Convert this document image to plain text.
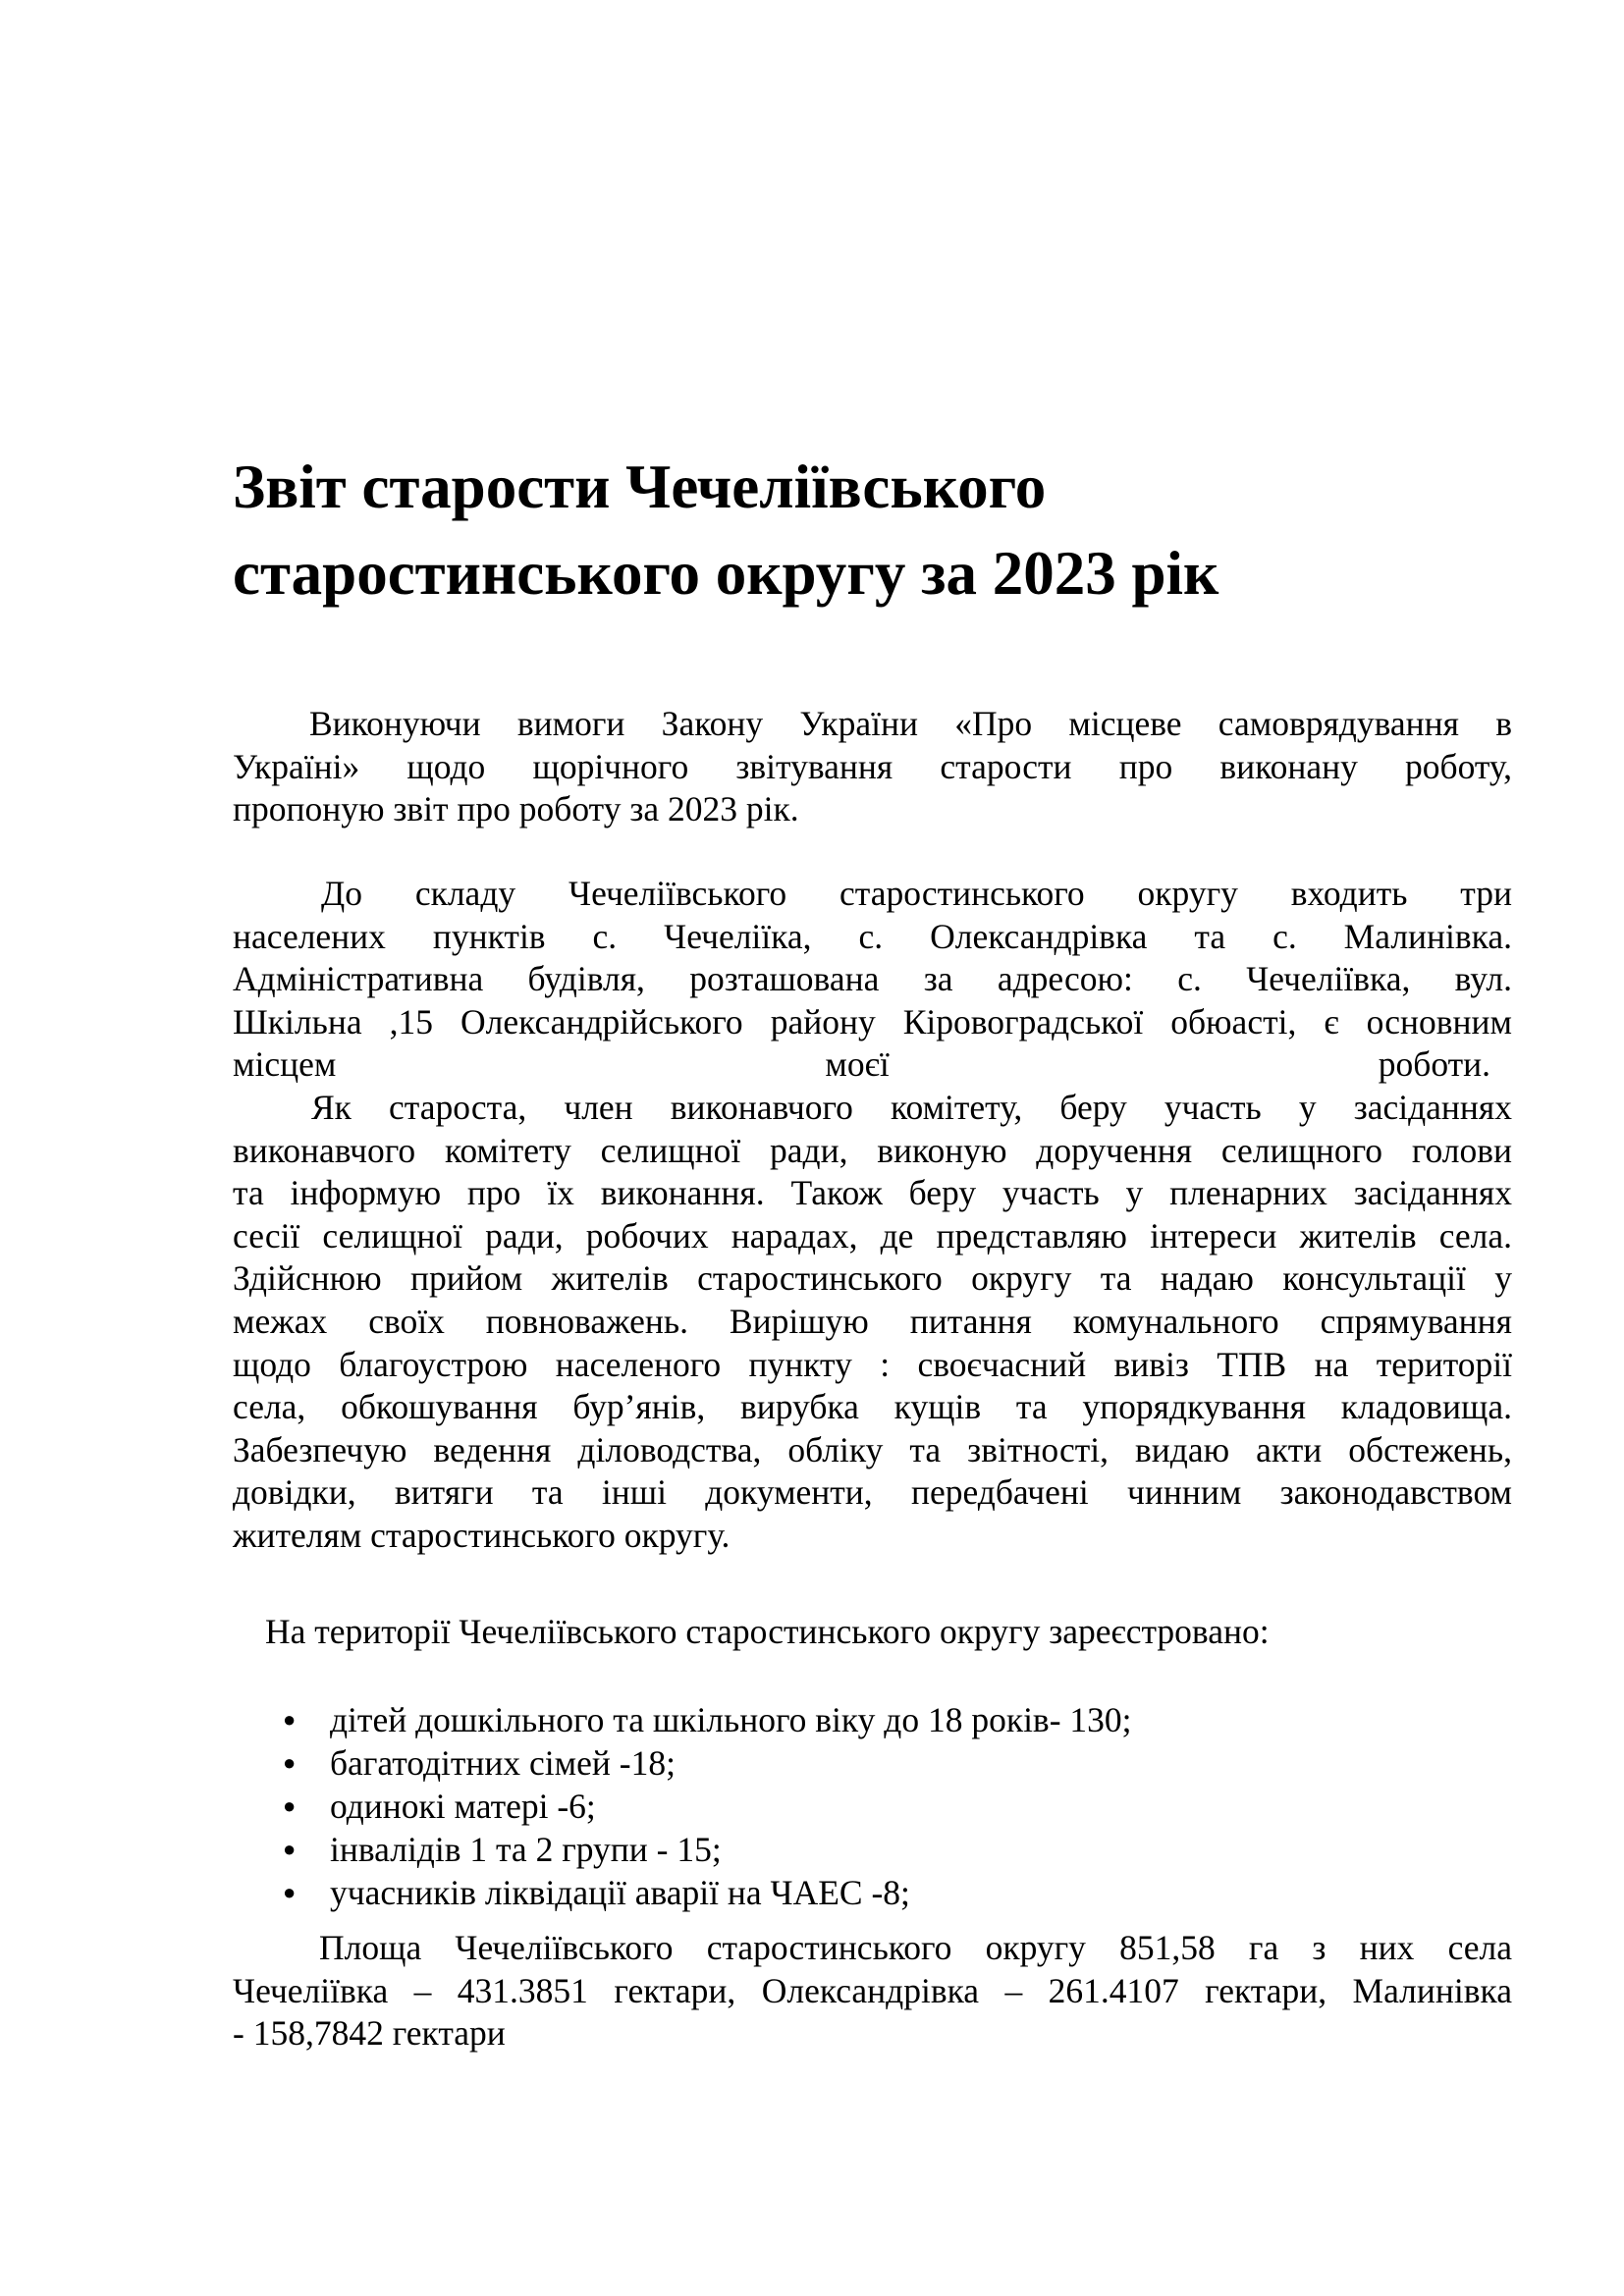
Звіт старости Чечеліївського
старостинського округу за 2023 рік

Виконуючи вимоги Закону України «Про місцеве самоврядування в
Україні» щодо щорічного звітування старости про виконану роботу,
пропоную звіт про роботу за 2023 рік.

До складу Чечеліївського старостинського округу входить три
населених пунктів с. Чечеліїка, с. Олександрівка та с. Малинівка.
Адміністративна будівля, розташована за адресою: с. Чечеліївка, вул.
Шкільна ,15 Олександрійського району Кіровоградської обюасті, є основним
місцем моєї роботи.

Як староста, член виконавчого комітету, беру участь у засіданнях
виконавчого комітету селищної ради, виконую доручення селищного голови
та інформую про їх виконання. Також беру участь у пленарних засіданнях
сесії селищної ради, робочих нарадах, де представляю інтереси жителів села.
Здійснюю прийом жителів старостинського округу та надаю консультації у
межах своїх повноважень. Вирішую питання комунального спрямування
щодо благоустрою населеного пункту : своєчасний вивіз ТПВ на території
села, обкошування бур’янів, вирубка кущів та упорядкування кладовища.
Забезпечую ведення діловодства, обліку та звітності, видаю акти обстежень,
довідки, витяги та інші документи, передбачені чинним законодавством
жителям старостинського округу.

На території Чечеліївського старостинського округу зареєстровано:

● дітей дошкільного та шкільного віку до 18 років- 130;
● багатодітних сімей -18;
● одинокі матері -6;
● інвалідів 1 та 2 групи - 15;
● учасників ліквідації аварії на ЧАЕС -8;

Площа Чечеліївського старостинського округу 851,58 га з них села
Чечеліївка – 431.3851 гектари, Олександрівка – 261.4107 гектари, Малинівка
- 158,7842 гектари
